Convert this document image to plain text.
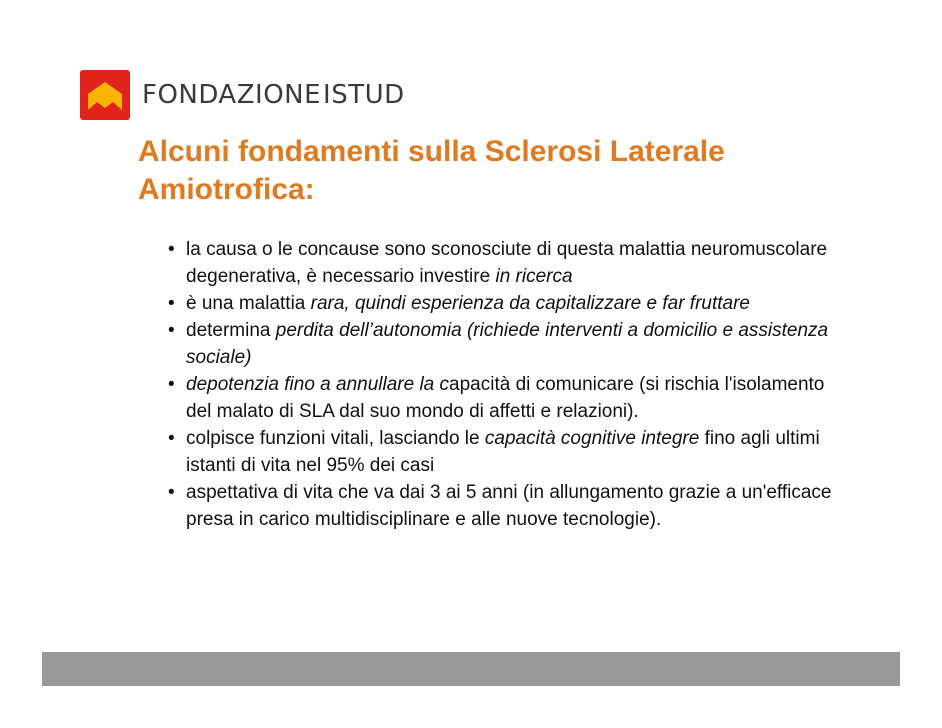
FONDAZIONEISTUD
Alcuni fondamenti sulla Sclerosi Laterale
Amiotrofica:
• la causa o le concause sono sconosciute di questa malattia neuromuscolare degenerativa, è necessario investire in ricerca
• è una malattia rara, quindi esperienza da capitalizzare e far fruttare
• determina perdita dell’autonomia (richiede interventi a domicilio e assistenza sociale)
• depotenzia fino a annullare la capacità di comunicare (si rischia l'isolamento del malato di SLA dal suo mondo di affetti e relazioni).
• colpisce funzioni vitali, lasciando le capacità cognitive integre fino agli ultimi istanti di vita nel 95% dei casi
• aspettativa di vita che va dai 3 ai 5 anni (in allungamento grazie a un'efficace presa in carico multidisciplinare e alle nuove tecnologie).
